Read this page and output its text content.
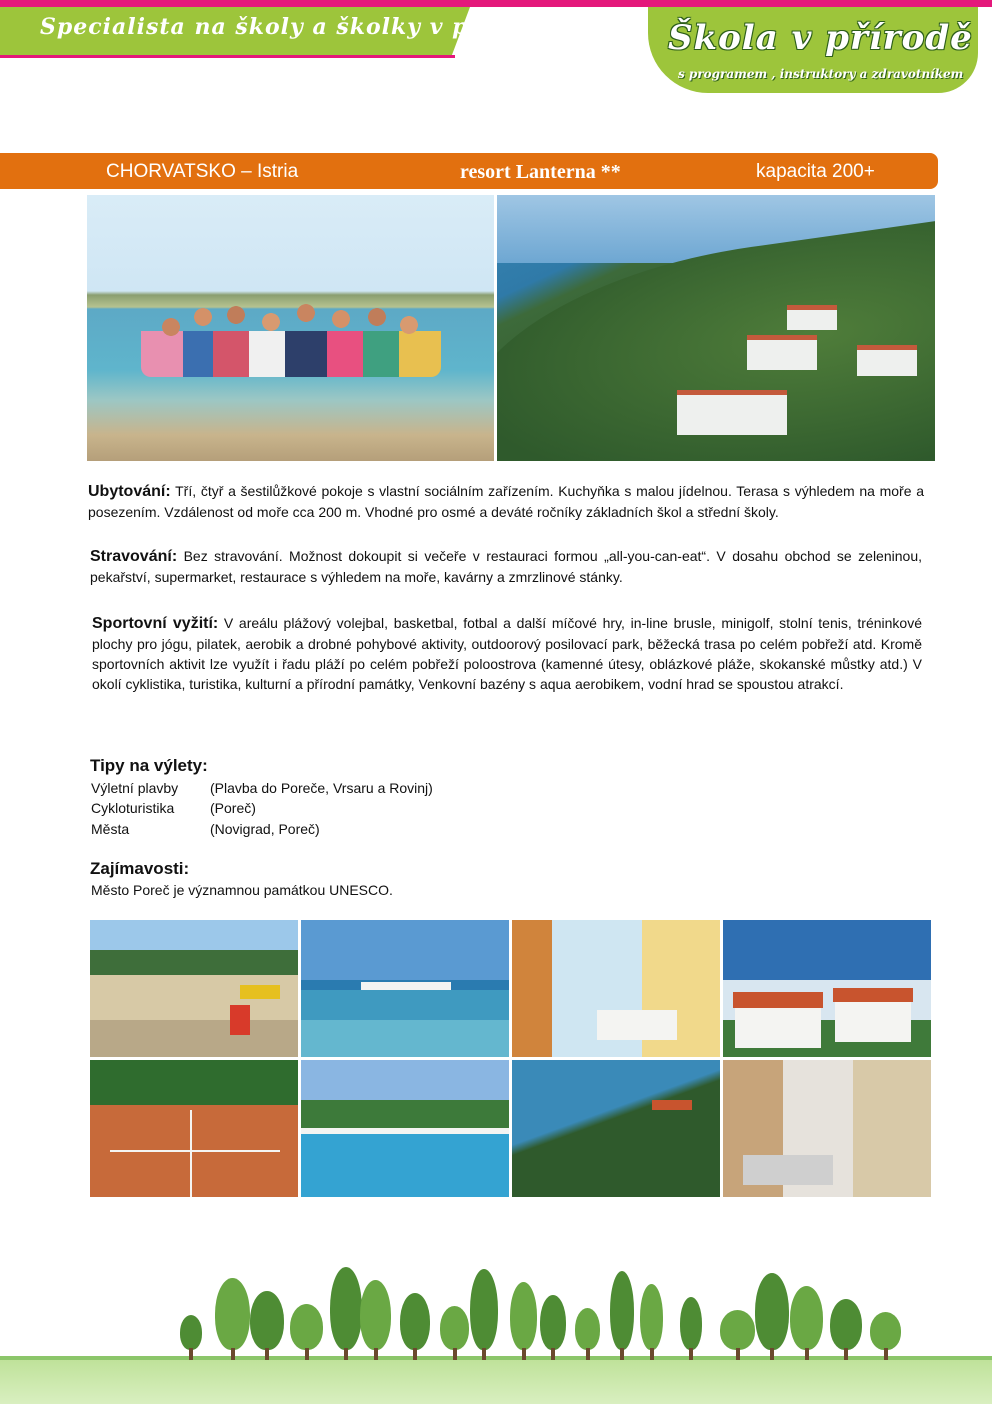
Specialista na školy a školky v přírodě	Škola v přírodě
s programem , instruktory a zdravotníkem
CHORVATSKO – Istria	resort Lanterna **	kapacita 200+
Ubytování: Tří, čtyř a šestilůžkové pokoje s vlastní sociálním zařízením. Kuchyňka s malou jídelnou. Terasa s výhledem na moře a posezením. Vzdálenost od moře cca 200 m. Vhodné pro osmé a deváté ročníky základních škol a střední školy.
Stravování: Bez stravování. Možnost dokoupit si večeře v restauraci formou „all-you-can-eat“. V dosahu obchod se zeleninou, pekařství, supermarket, restaurace s výhledem na moře, kavárny a zmrzlinové stánky.
Sportovní vyžití: V areálu plážový volejbal, basketbal, fotbal a další míčové hry, in-line brusle, minigolf, stolní tenis, tréninkové plochy pro jógu, pilatek, aerobik a drobné pohybové aktivity, outdoorový posilovací park, běžecká trasa po celém pobřeží atd. Kromě sportovních aktivit lze využít i řadu pláží po celém pobřeží poloostrova (kamenné útesy, oblázkové pláže, skokanské můstky atd.) V okolí cyklistika, turistika, kulturní a přírodní památky, Venkovní bazény s aqua aerobikem, vodní hrad se spoustou atrakcí.
Tipy na výlety:
Výletní plavby (Plavba do Poreče, Vrsaru a Rovinj)
Cykloturistika	(Poreč)
Města	(Novigrad, Poreč)
Zajímavosti:
Město Poreč je významnou památkou UNESCO.
